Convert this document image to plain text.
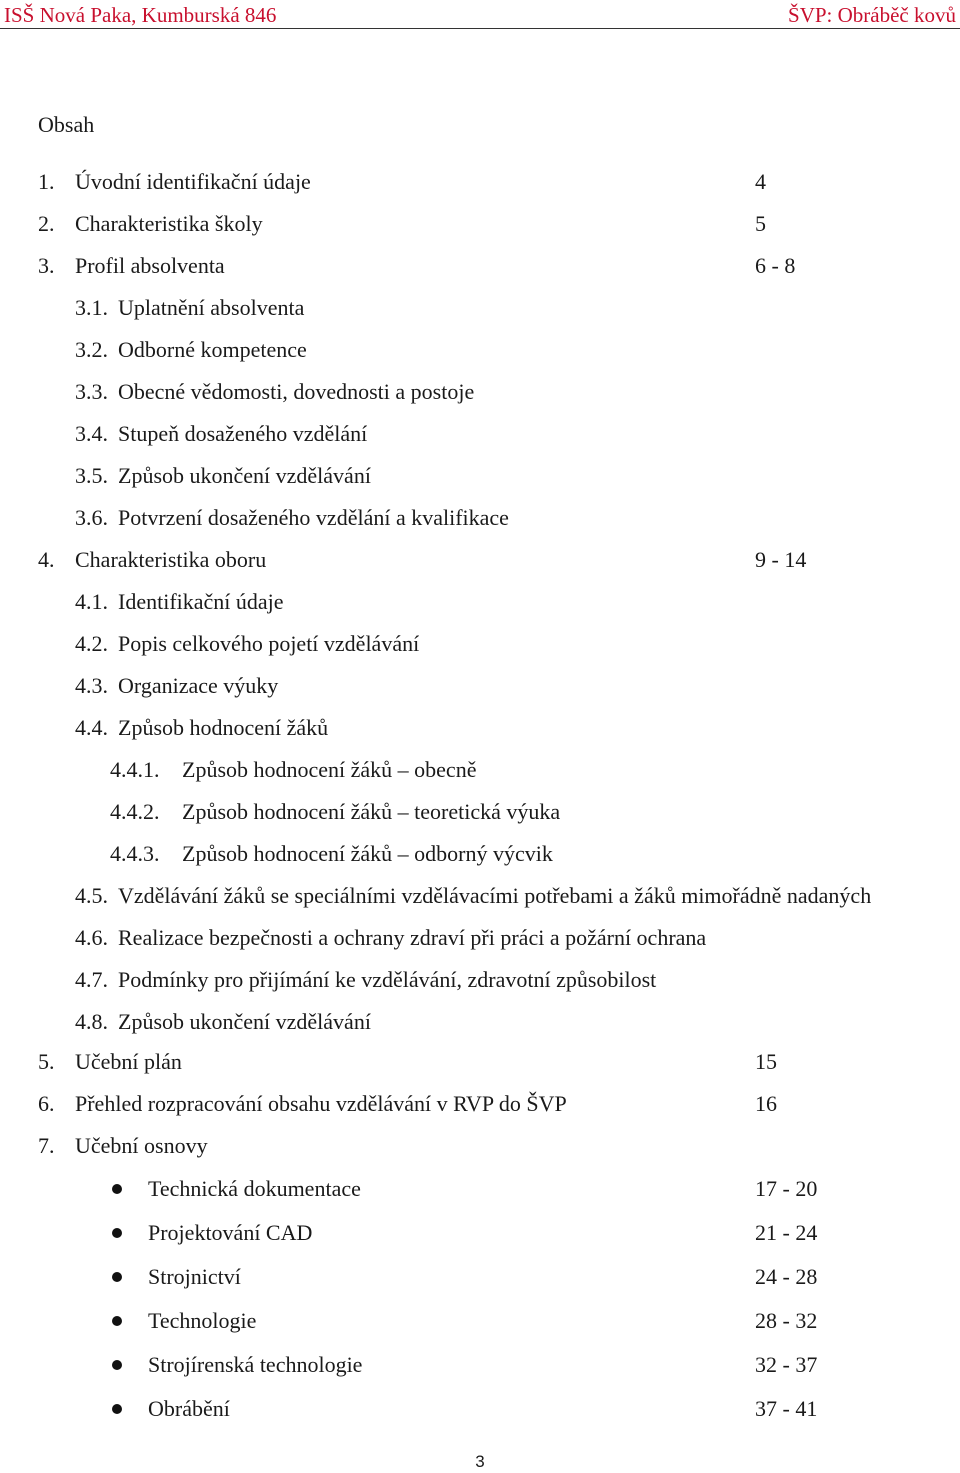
ISŠ Nová Paka, Kumburská 846	ŠVP: Obráběč kovů
Obsah
1. Úvodní identifikační údaje	4
2. Charakteristika školy	5
3. Profil absolventa	6 - 8
3.1. Uplatnění absolventa
3.2. Odborné kompetence
3.3. Obecné vědomosti, dovednosti a postoje
3.4. Stupeň dosaženého vzdělání
3.5. Způsob ukončení vzdělávání
3.6. Potvrzení dosaženého vzdělání a kvalifikace
4. Charakteristika oboru	9 - 14
4.1. Identifikační údaje
4.2. Popis celkového pojetí vzdělávání
4.3. Organizace výuky
4.4. Způsob hodnocení žáků
4.4.1. Způsob hodnocení žáků – obecně
4.4.2. Způsob hodnocení žáků – teoretická výuka
4.4.3. Způsob hodnocení žáků – odborný výcvik
4.5. Vzdělávání žáků se speciálními vzdělávacími potřebami a žáků mimořádně nadaných
4.6. Realizace bezpečnosti a ochrany zdraví při práci a požární ochrana
4.7. Podmínky pro přijímání ke vzdělávání, zdravotní způsobilost
4.8. Způsob ukončení vzdělávání
5. Učební plán	15
6. Přehled rozpracování obsahu vzdělávání v RVP do ŠVP	16
7. Učební osnovy
Technická dokumentace	17 - 20
Projektování CAD	21 - 24
Strojnictví	24 - 28
Technologie	28 - 32
Strojírenská technologie	32 - 37
Obrábění	37 - 41
3
